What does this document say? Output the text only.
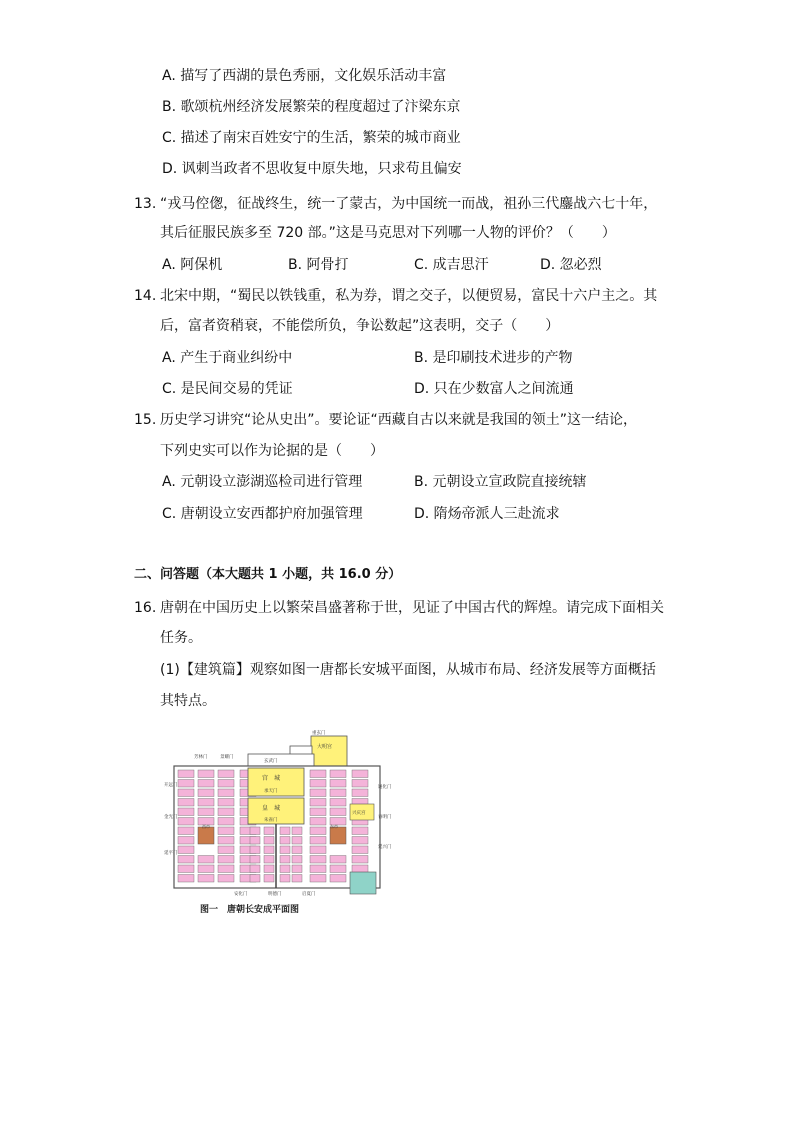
A. 描写了西湖的景色秀丽，文化娱乐活动丰富
B. 歌颂杭州经济发展繁荣的程度超过了汴梁东京
C. 描述了南宋百姓安宁的生活，繁荣的城市商业
D. 讽刺当政者不思收复中原失地，只求苟且偏安
13. “戎马倥偬，征战终生，统一了蒙古，为中国统一而战，祖孙三代鏖战六七十年，
其后征服民族多至 720 部。”这是马克思对下列哪一人物的评价？（　　）
A. 阿保机	B. 阿骨打	C. 成吉思汗	D. 忽必烈
14. 北宋中期，“蜀民以铁钱重，私为券，谓之交子，以便贸易，富民十六户主之。其
后，富者资稍衰，不能偿所负，争讼数起”这表明，交子（　　）
A. 产生于商业纠纷中	B. 是印刷技术进步的产物
C. 是民间交易的凭证	D. 只在少数富人之间流通
15. 历史学习讲究“论从史出”。要论证“西藏自古以来就是我国的领土”这一结论，
下列史实可以作为论据的是（　　）
A. 元朝设立澎湖巡检司进行管理	B. 元朝设立宣政院直接统辖
C. 唐朝设立安西都护府加强管理	D. 隋炀帝派人三赴流求
二、问答题（本大题共 1 小题，共 16.0 分）
16. 唐朝在中国历史上以繁荣昌盛著称于世，见证了中国古代的辉煌。请完成下面相关
任务。
(1)【建筑篇】观察如图一唐都长安城平面图，从城市布局、经济发展等方面概括
其特点。
重玄门
大明宫
玄武门
宫　城
承天门
皇　城
朱雀门
兴庆宫
明德门
安化门	启夏门
开远门
金光门
延平门
通化门
春明门
延兴门
芳林门	景耀门
西市	东市
图一　唐朝长安成平面图
